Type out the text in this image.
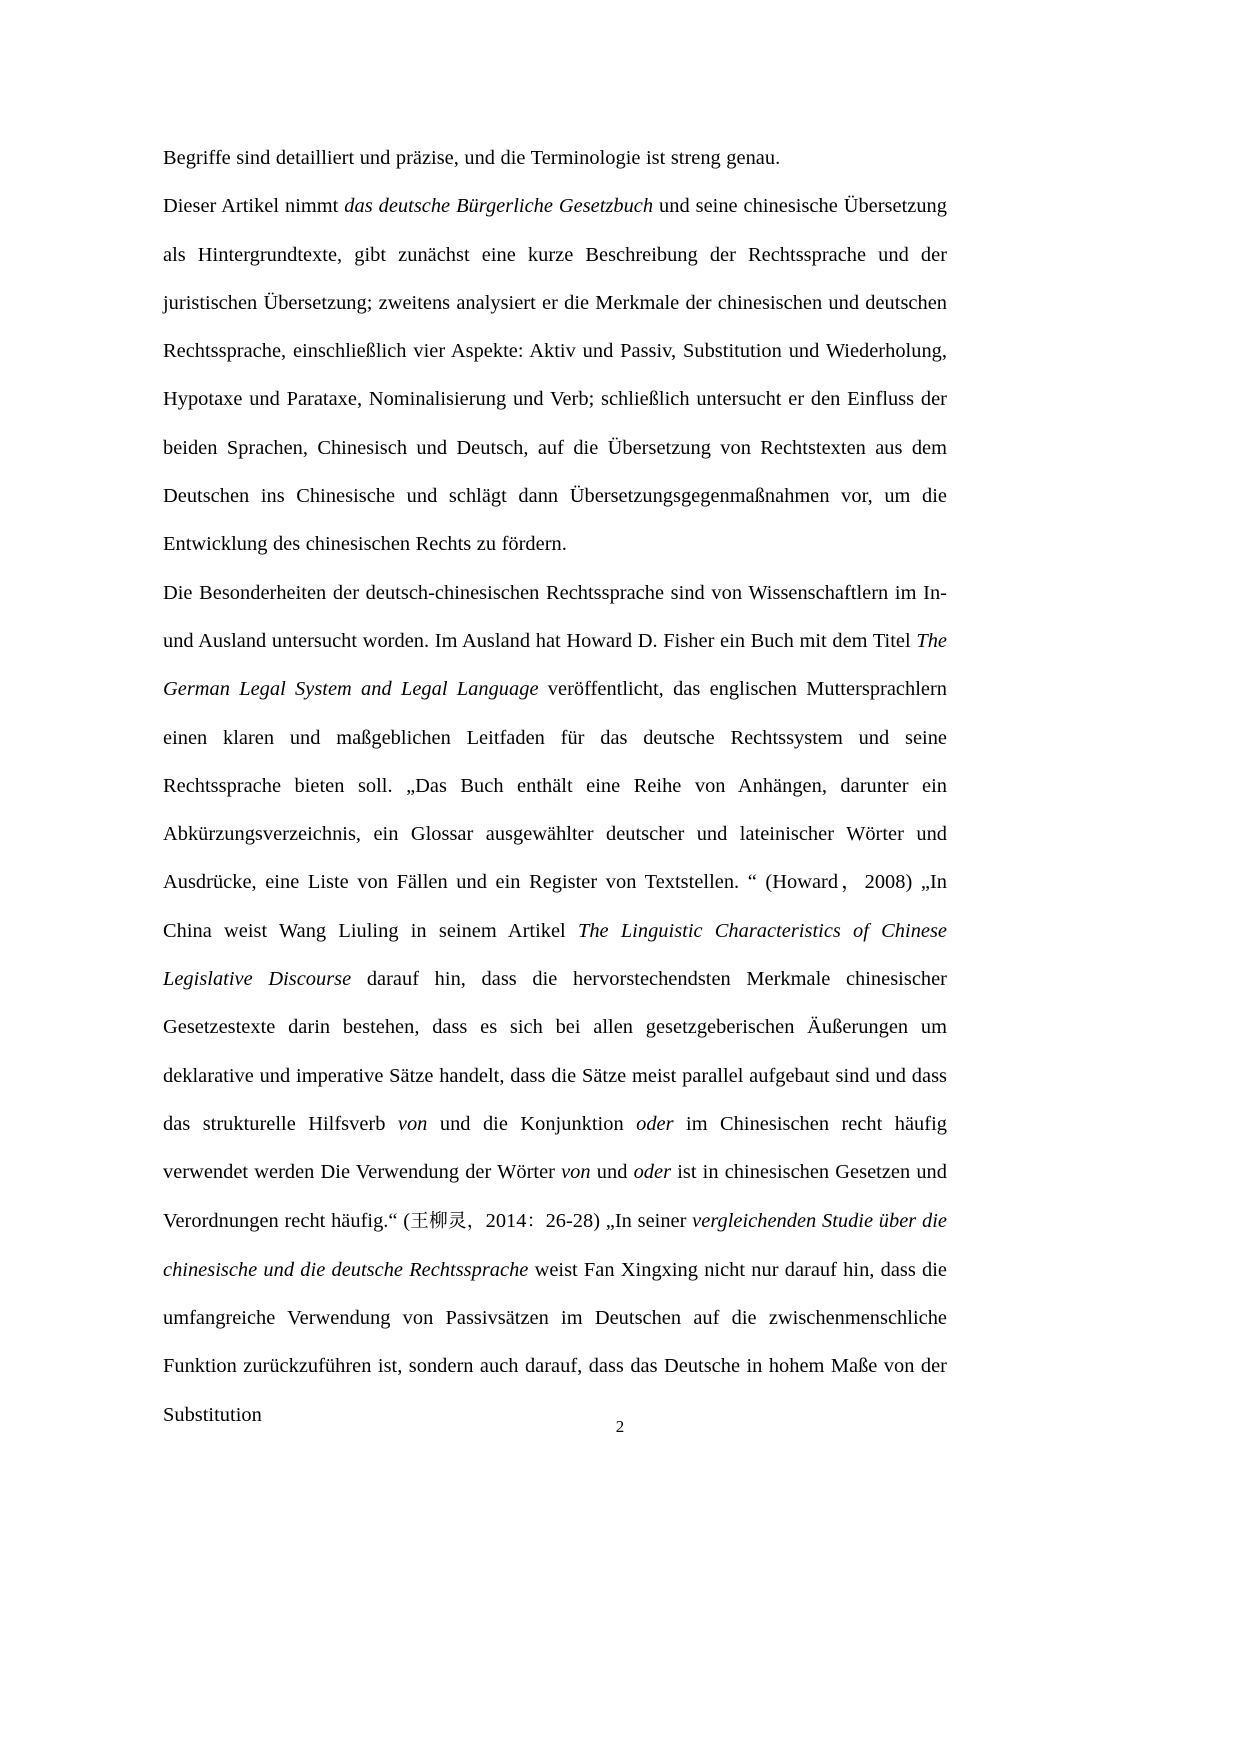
Begriffe sind detailliert und präzise, und die Terminologie ist streng genau.

Dieser Artikel nimmt das deutsche Bürgerliche Gesetzbuch und seine chinesische Übersetzung als Hintergrundtexte, gibt zunächst eine kurze Beschreibung der Rechtssprache und der juristischen Übersetzung; zweitens analysiert er die Merkmale der chinesischen und deutschen Rechtssprache, einschließlich vier Aspekte: Aktiv und Passiv, Substitution und Wiederholung, Hypotaxe und Parataxe, Nominalisierung und Verb; schließlich untersucht er den Einfluss der beiden Sprachen, Chinesisch und Deutsch, auf die Übersetzung von Rechtstexten aus dem Deutschen ins Chinesische und schlägt dann Übersetzungsgegenmaßnahmen vor, um die Entwicklung des chinesischen Rechts zu fördern.

Die Besonderheiten der deutsch-chinesischen Rechtssprache sind von Wissenschaftlern im In- und Ausland untersucht worden. Im Ausland hat Howard D. Fisher ein Buch mit dem Titel The German Legal System and Legal Language veröffentlicht, das englischen Muttersprachlern einen klaren und maßgeblichen Leitfaden für das deutsche Rechtssystem und seine Rechtssprache bieten soll. „Das Buch enthält eine Reihe von Anhängen, darunter ein Abkürzungsverzeichnis, ein Glossar ausgewählter deutscher und lateinischer Wörter und Ausdrücke, eine Liste von Fällen und ein Register von Textstellen. “ (Howard，2008) „In China weist Wang Liuling in seinem Artikel The Linguistic Characteristics of Chinese Legislative Discourse darauf hin, dass die hervorstechendsten Merkmale chinesischer Gesetzestexte darin bestehen, dass es sich bei allen gesetzgeberischen Äußerungen um deklarative und imperative Sätze handelt, dass die Sätze meist parallel aufgebaut sind und dass das strukturelle Hilfsverb von und die Konjunktion oder im Chinesischen recht häufig verwendet werden Die Verwendung der Wörter von und oder ist in chinesischen Gesetzen und Verordnungen recht häufig.“ (王柳灵，2014：26-28) „In seiner vergleichenden Studie über die chinesische und die deutsche Rechtssprache weist Fan Xingxing nicht nur darauf hin, dass die umfangreiche Verwendung von Passivsätzen im Deutschen auf die zwischenmenschliche Funktion zurückzuführen ist, sondern auch darauf, dass das Deutsche in hohem Maße von der Substitution

2
